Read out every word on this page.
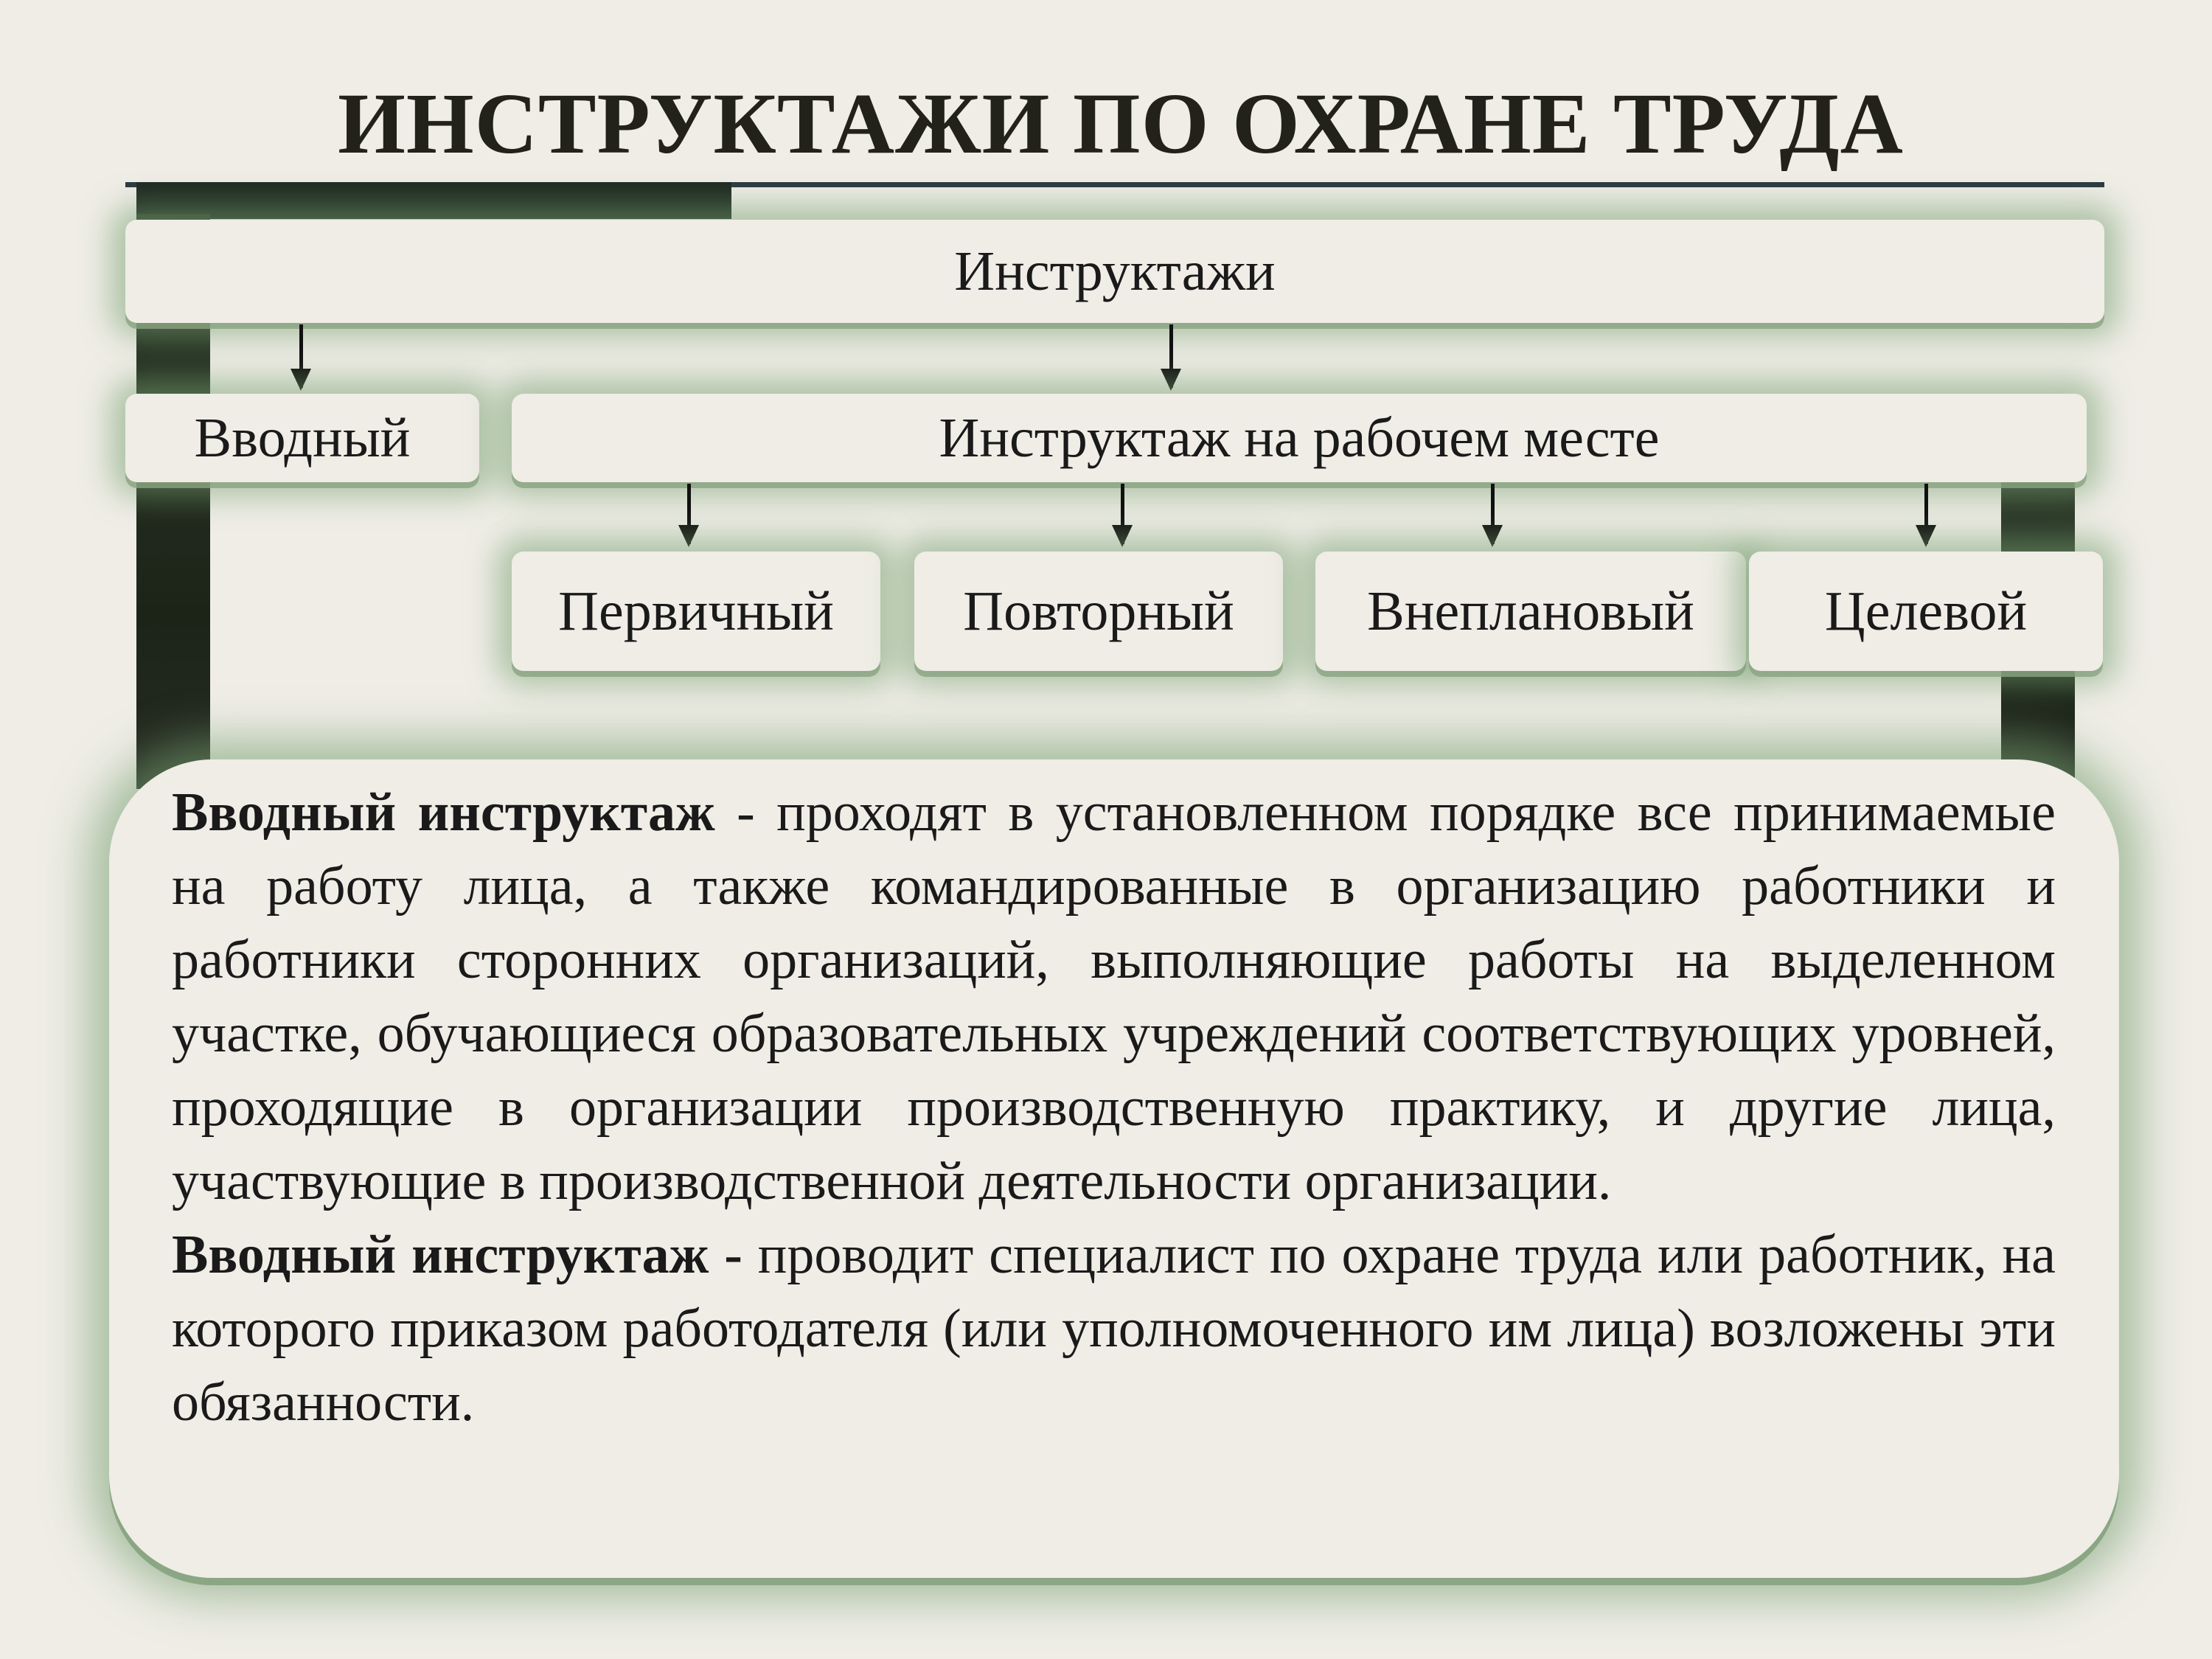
ИНСТРУКТАЖИ ПО ОХРАНЕ ТРУДА
Инструктажи
Вводный	Инструктаж на рабочем месте
Первичный Повторный Внеплановый Целевой

Вводный инструктаж - проходят в установленном порядке все принимаемые на работу лица, а также командированные в организацию работники и работники сторонних организаций, выполняющие работы на выделенном участке, обучающиеся образовательных учреждений соответствующих уровней, проходящие в организации производственную практику, и другие лица, участвующие в производственной деятельности организации.

Вводный инструктаж - проводит специалист по охране труда или работник, на которого приказом работодателя (или уполномоченного им лица) возложены эти обязанности.
